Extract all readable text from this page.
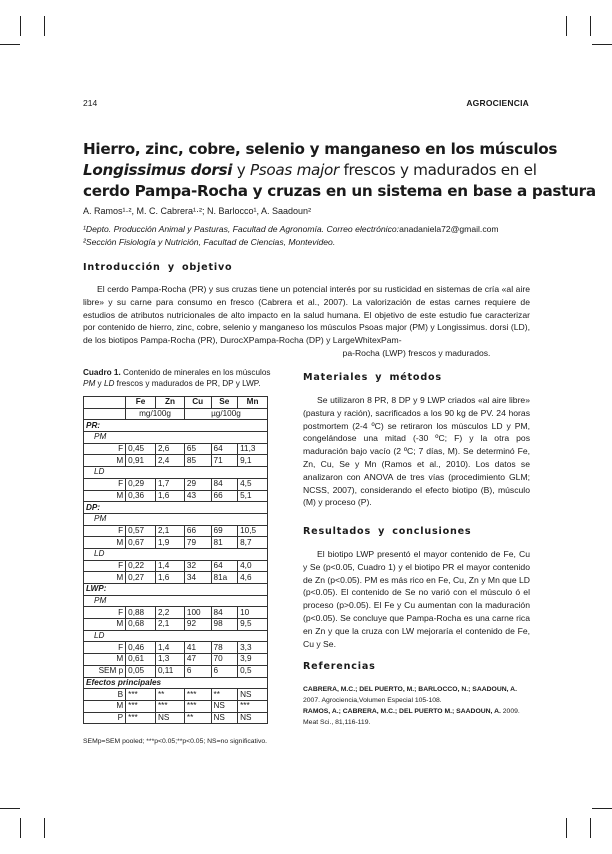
214	AGROCIENCIA
Hierro, zinc, cobre, selenio y manganeso en los músculos
Longissimus dorsi y Psoas major frescos y madurados en el
cerdo Pampa-Rocha y cruzas en un sistema en base a pastura
A. Ramos¹·², M. C. Cabrera¹·²; N. Barlocco¹, A. Saadoun²
¹Depto. Producción Animal y Pasturas, Facultad de Agronomía. Correo electrónico:anadaniela72@gmail.com
²Sección Fisiología y Nutrición, Facultad de Ciencias, Montevideo.
Introducción y objetivo

El cerdo Pampa-Rocha (PR) y sus cruzas tiene un potencial interés por su rusticidad en sistemas de cría «al aire libre» y su carne para consumo en fresco (Cabrera et al., 2007). La valorización de estas carnes requiere de estudios de atributos nutricionales de alto impacto en la salud humana. El objetivo de este estudio fue caracterizar por contenido de hierro, zinc, cobre, selenio y manganeso los músculos Psoas major (PM) y Longissimus. dorsi (LD), de los biotipos Pampa-Rocha (PR), DurocXPampa-Rocha (DP) y LargeWhitexPam-

pa-Rocha (LWP) frescos y madurados.

Cuadro 1. Contenido de minerales en los músculos PM y LD frescos y madurados de PR, DP y LWP.
	Fe	Zn	Cu	Se	Mn
	mg/100g		µg/100g		
PR:					
PM					
F	0,45	2,6	65	64	11,3
M	0,91	2,4	85	71	9,1
LD					
F	0,29	1,7	29	84	4,5
M	0,36	1,6	43	66	5,1
DP:					
PM					
F	0,57	2,1	66	69	10,5
M	0,67	1,9	79	81	8,7
LD					
F	0,22	1,4	32	64	4,0
M	0,27	1,6	34	81a	4,6
LWP:					
PM					
F	0,88	2,2	100	84	10
M	0,68	2,1	92	98	9,5
LD					
F	0,46	1,4	41	78	3,3
M	0,61	1,3	47	70	3,9
SEM p	0,05	0,11	6	6	0,5
Efectos principales					
B	***	**	***	**	NS
M	***	***	***	NS	***
P	***	NS	**	NS	NS
SEMp=SEM pooled; ***p<0.05;**p<0.05; NS=no significativo.
Materiales y métodos

Se utilizaron 8 PR, 8 DP y 9 LWP criados «al aire libre» (pastura y ración), sacrificados a los 90 kg de PV. 24 horas postmortem (2-4 ºC) se retiraron los músculos LD y PM, congelándose una mitad (-30 ºC; F) y la otra pos maduración bajo vacío (2 ºC; 7 días, M). Se determinó Fe, Zn, Cu, Se y Mn (Ramos et al., 2010). Los datos se analizaron con ANOVA de tres vías (procedimiento GLM; NCSS, 2007), considerando el efecto biotipo (B), músculo (M) y proceso (P).

Resultados y conclusiones

El biotipo LWP presentó el mayor contenido de Fe, Cu y Se (p<0.05, Cuadro 1) y el biotipo PR el mayor contenido de Zn (p<0.05). PM es más rico en Fe, Cu, Zn y Mn que LD (p<0.05). El contenido de Se no varió con el músculo ó el proceso (p>0.05). El Fe y Cu aumentan con la maduración (p<0.05). Se concluye que Pampa-Rocha es una carne rica en Zn y que la cruza con LW mejoraría el contenido de Fe, Cu y Se.

Referencias

CABRERA, M.C.; DEL PUERTO, M.; BARLOCCO, N.; SAADOUN, A. 2007. Agrociencia,Volumen Especial 105-108.

RAMOS, A.; CABRERA, M.C.; DEL PUERTO M.; SAADOUN, A. 2009. Meat Sci., 81,116-119.
